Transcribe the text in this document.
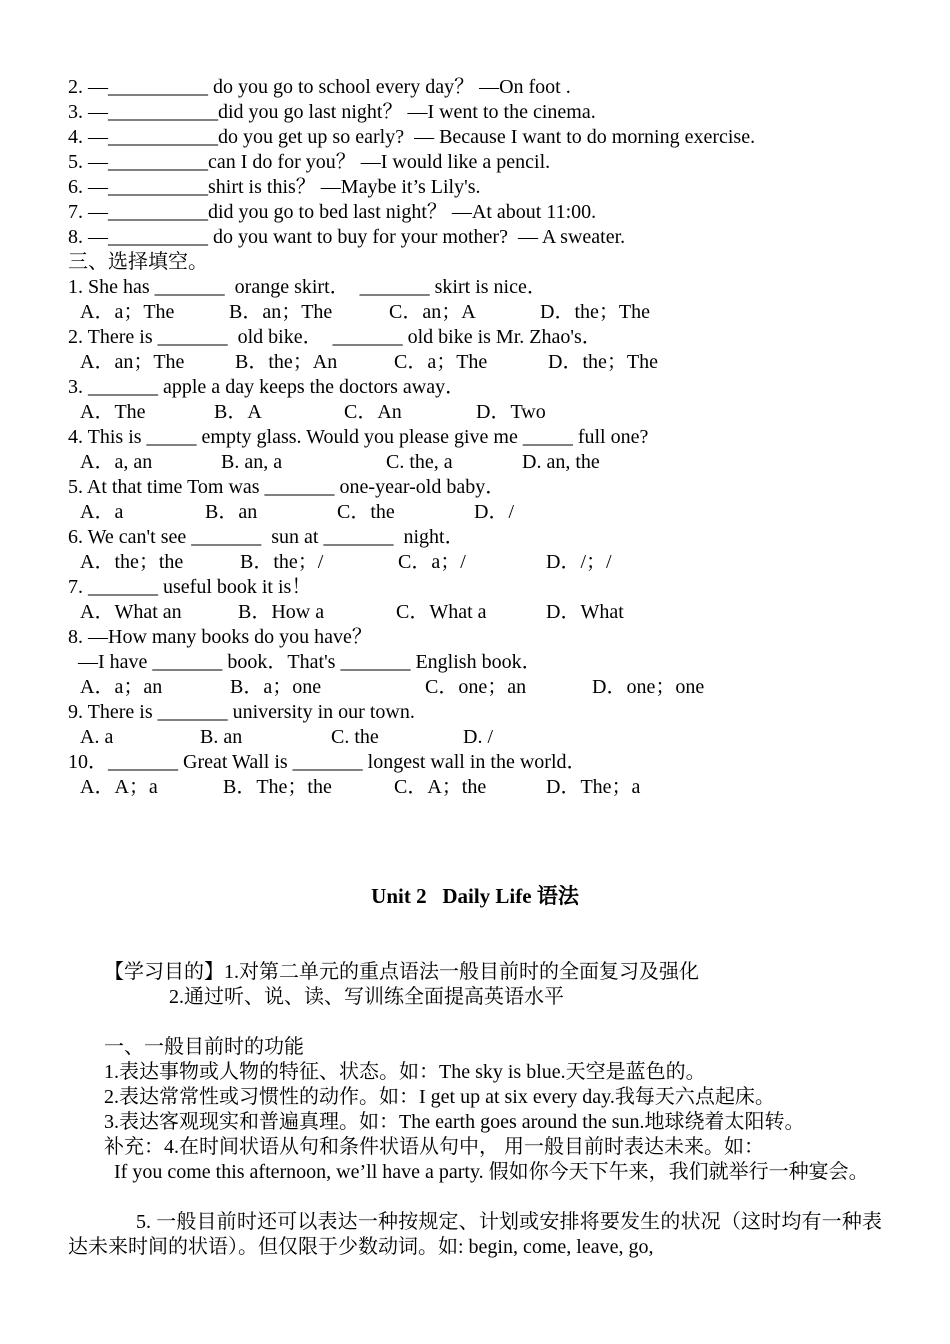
2. —__________ do you go to school every day？ —On foot .
3. —___________did you go last night？ —I went to the cinema.
4. —___________do you get up so early?  — Because I want to do morning exercise.
5. —__________can I do for you？ —I would like a pencil.
6. —__________shirt is this？ —Maybe it’s Lily's.
7. —__________did you go to bed last night？ —At about 11:00.
8. —__________ do you want to buy for your mother?  — A sweater.
三、选择填空。
1. She has _______  orange skirt．  _______ skirt is nice．
A．a；The	B．an；The	C．an；A	D．the；The
2. There is _______  old bike．  _______ old bike is Mr. Zhao's．
A．an；The	B．the；An	C．a；The	D．the；The
3. _______ apple a day keeps the doctors away．
A．The	B．A	C．An	D．Two
4. This is _____ empty glass. Would you please give me _____ full one?
A．a, an	B. an, a	C. the, a	D. an, the
5. At that time Tom was _______ one-year-old baby．
A．a	B．an	C．the	D．/
6. We can't see _______  sun at _______  night．
A．the；the	B．the；/	C．a；/	D．/；/
7. _______ useful book it is！
A．What an	B．How a	C．What a	D．What
8. —How many books do you have？
—I have _______ book．That's _______ English book．
A．a；an	B．a；one	C．one；an	D．one；one
9. There is _______ university in our town.
A. a	B. an	C. the	D. /
10．_______ Great Wall is _______ longest wall in the world．
A．A；a	B．The；the	C．A；the	D．The；a
Unit 2   Daily Life 语法
【学习目的】1.对第二单元的重点语法一般目前时的全面复习及强化
2.通过听、说、读、写训练全面提高英语水平
一、一般目前时的功能
1.表达事物或人物的特征、状态。如：The sky is blue.天空是蓝色的。
2.表达常常性或习惯性的动作。如：I get up at six every day.我每天六点起床。
3.表达客观现实和普遍真理。如：The earth goes around the sun.地球绕着太阳转。
补充：4.在时间状语从句和条件状语从句中， 用一般目前时表达未来。如：
If you come this afternoon, we’ll have a party. 假如你今天下午来，我们就举行一种宴会。
5. 一般目前时还可以表达一种按规定、计划或安排将要发生的状况（这时均有一种表达未来时间的状语）。但仅限于少数动词。如: begin, come, leave, go,
